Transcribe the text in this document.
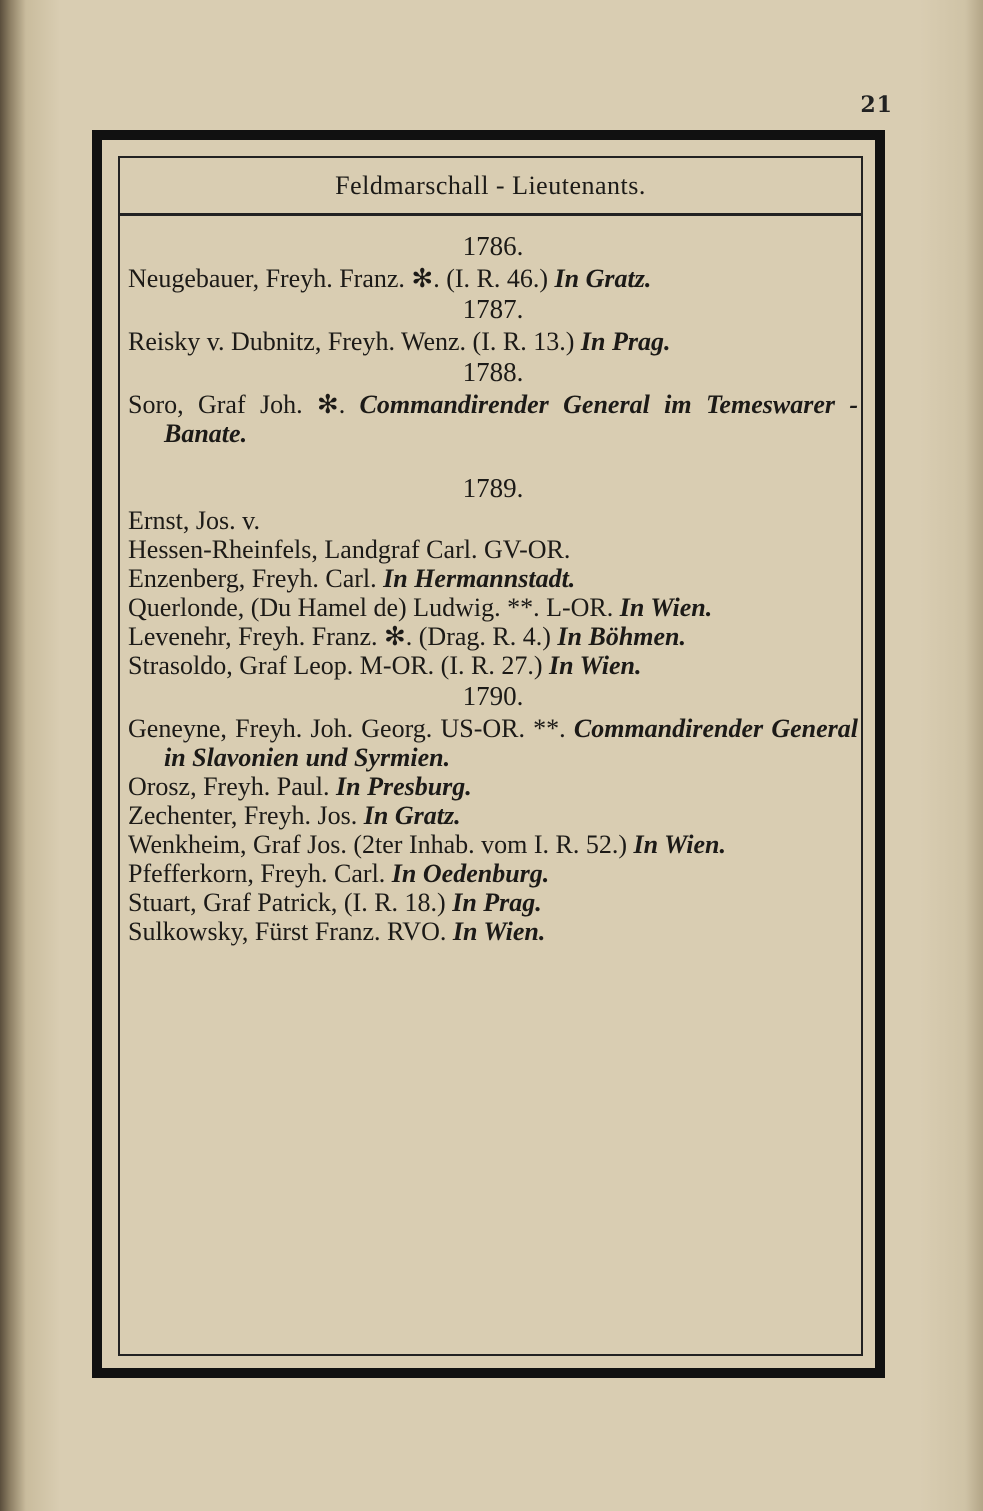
21
Feldmarschall - Lieutenants.
1786.

Neugebauer, Freyh. Franz. ✻. (I. R. 46.) In Gratz.

1787.

Reisky v. Dubnitz, Freyh. Wenz. (I. R. 13.) In Prag.

1788.

Soro, Graf Joh. ✻. Commandirender General im Temeswarer - Banate.

1789.

Ernst, Jos. v.

Hessen-Rheinfels, Landgraf Carl. GV-OR.

Enzenberg, Freyh. Carl. In Hermannstadt.

Querlonde, (Du Hamel de) Ludwig. **. L-OR. In Wien.

Levenehr, Freyh. Franz. ✻. (Drag. R. 4.) In Böhmen.

Strasoldo, Graf Leop. M-OR. (I. R. 27.) In Wien.

1790.

Geneyne, Freyh. Joh. Georg. US-OR. **. Commandirender General in Slavonien und Syrmien.

Orosz, Freyh. Paul. In Presburg.

Zechenter, Freyh. Jos. In Gratz.

Wenkheim, Graf Jos. (2ter Inhab. vom I. R. 52.) In Wien.

Pfefferkorn, Freyh. Carl. In Oedenburg.

Stuart, Graf Patrick, (I. R. 18.) In Prag.

Sulkowsky, Fürst Franz. RVO. In Wien.
